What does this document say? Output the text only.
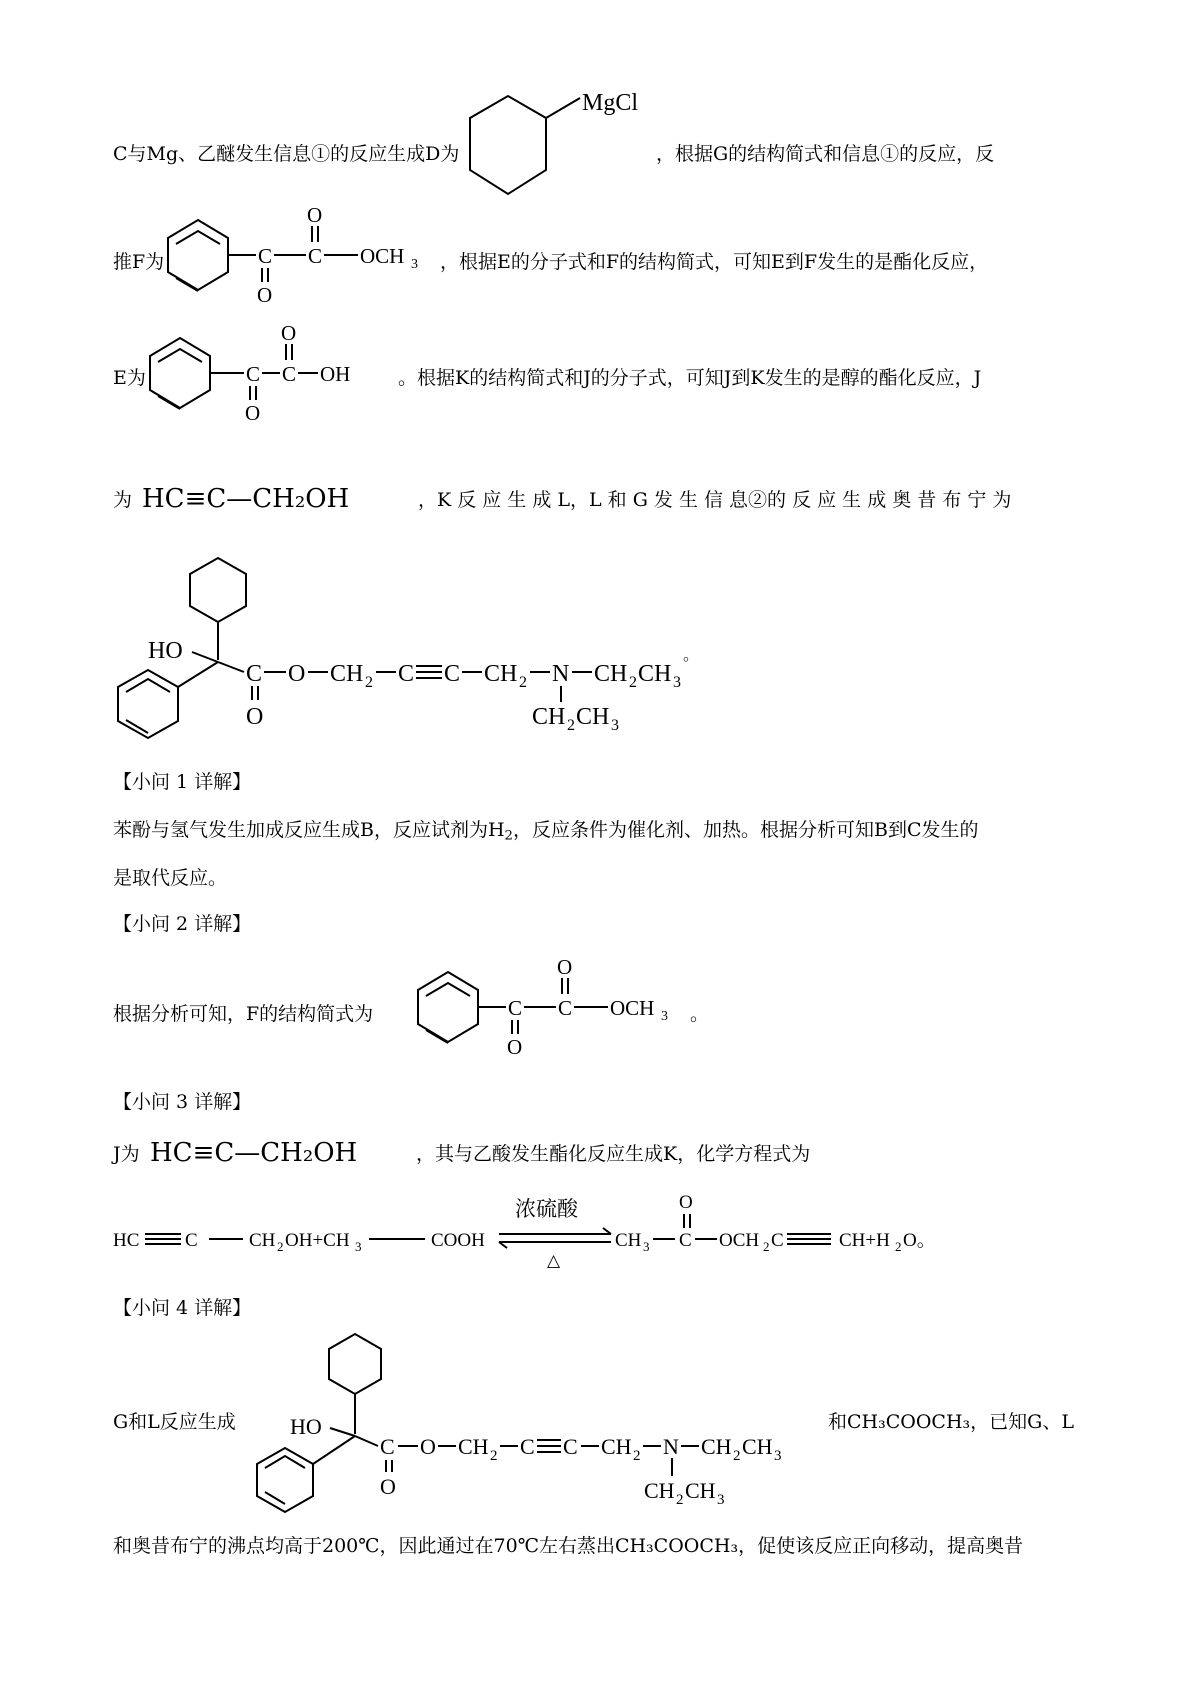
C与Mg、乙醚发生信息①的反应生成D为
MgCl
，根据G的结构简式和信息①的反应，反
推F为	C C
O
O
OCH 3 ，根据E的分子式和F的结构简式，可知E到F发生的是酯化反应，
E为	C C
O
O
OH	。根据K的结构简式和J的分子式，可知J到K发生的是醇的酯化反应，J
为 HC≡C—CH₂OH	，K 反 应 生 成 L，L 和 G 发 生 信 息②的 反 应 生 成 奥 昔 布 宁 为
HO
C
O
O CH 2 C C CH 2 N CH 2 CH 3
。
CH 2 CH 3
【小问 1 详解】
苯酚与氢气发生加成反应生成B，反应试剂为$H_2$，反应条件为催化剂、加热。根据分析可知B到C发生的
是取代反应。
【小问 2 详解】
根据分析可知，F的结构简式为	C C
O
O
OCH 3 。
【小问 3 详解】
J为 HC≡C—CH₂OH	，其与乙酸发生酯化反应生成K，化学方程式为
HC C	CH 2 OH+CH 3	COOH
浓硫酸
△
CH 3 C
O
OCH 2 C	CH+H 2 O。
【小问 4 详解】
G和L反应生成 HO
C
O
O CH 2 C C CH 2 N CH 2 CH 3
CH 2 CH 3
和CH₃COOCH₃，已知G、L
和奥昔布宁的沸点均高于200℃，因此通过在70℃左右蒸出CH₃COOCH₃，促使该反应正向移动，提高奥昔
